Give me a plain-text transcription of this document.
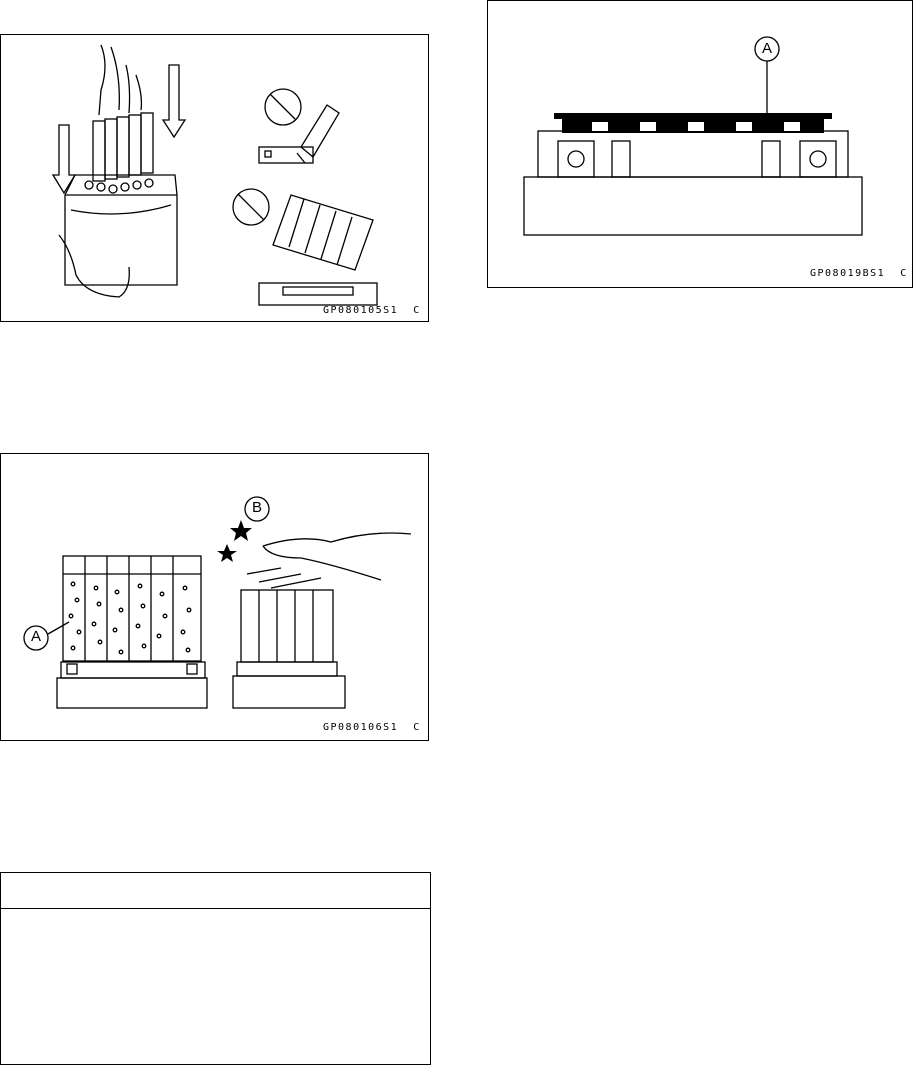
GP080105S1  C
A
GP08019BS1  C
A
B
GP080106S1  C
